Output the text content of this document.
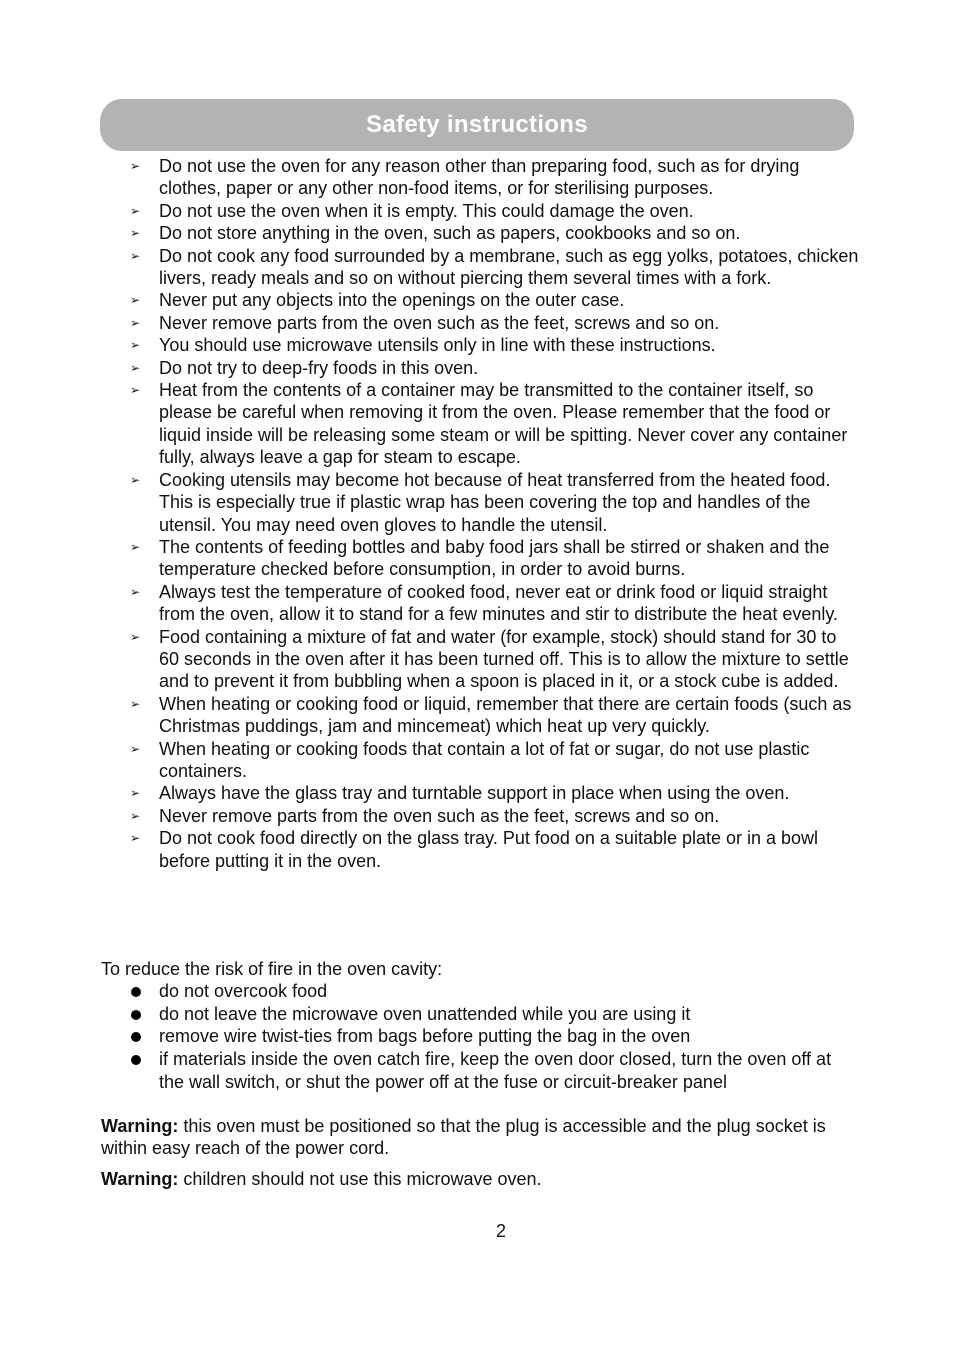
Safety instructions
➢ Do not use the oven for any reason other than preparing food, such as for drying clothes, paper or any other non-food items, or for sterilising purposes.
➢ Do not use the oven when it is empty. This could damage the oven.
➢ Do not store anything in the oven, such as papers, cookbooks and so on.
➢ Do not cook any food surrounded by a membrane, such as egg yolks, potatoes, chicken livers, ready meals and so on without piercing them several times with a fork.
➢ Never put any objects into the openings on the outer case.
➢ Never remove parts from the oven such as the feet, screws and so on.
➢ You should use microwave utensils only in line with these instructions.
➢ Do not try to deep-fry foods in this oven.
➢ Heat from the contents of a container may be transmitted to the container itself, so please be careful when removing it from the oven. Please remember that the food or liquid inside will be releasing some steam or will be spitting. Never cover any container fully, always leave a gap for steam to escape.
➢ Cooking utensils may become hot because of heat transferred from the heated food. This is especially true if plastic wrap has been covering the top and handles of the utensil. You may need oven gloves to handle the utensil.
➢ The contents of feeding bottles and baby food jars shall be stirred or shaken and the temperature checked before consumption, in order to avoid burns.
➢ Always test the temperature of cooked food, never eat or drink food or liquid straight from the oven, allow it to stand for a few minutes and stir to distribute the heat evenly.
➢ Food containing a mixture of fat and water (for example, stock) should stand for 30 to 60 seconds in the oven after it has been turned off. This is to allow the mixture to settle and to prevent it from bubbling when a spoon is placed in it, or a stock cube is added.
➢ When heating or cooking food or liquid, remember that there are certain foods (such as Christmas puddings, jam and mincemeat) which heat up very quickly.
➢ When heating or cooking foods that contain a lot of fat or sugar, do not use plastic containers.
➢ Always have the glass tray and turntable support in place when using the oven.
➢ Never remove parts from the oven such as the feet, screws and so on.
➢ Do not cook food directly on the glass tray. Put food on a suitable plate or in a bowl before putting it in the oven.

To reduce the risk of fire in the oven cavity:

do not overcook food
do not leave the microwave oven unattended while you are using it
remove wire twist-ties from bags before putting the bag in the oven
if materials inside the oven catch fire, keep the oven door closed, turn the oven off at the wall switch, or shut the power off at the fuse or circuit-breaker panel

Warning: this oven must be positioned so that the plug is accessible and the plug socket is within easy reach of the power cord.

Warning: children should not use this microwave oven.

2
